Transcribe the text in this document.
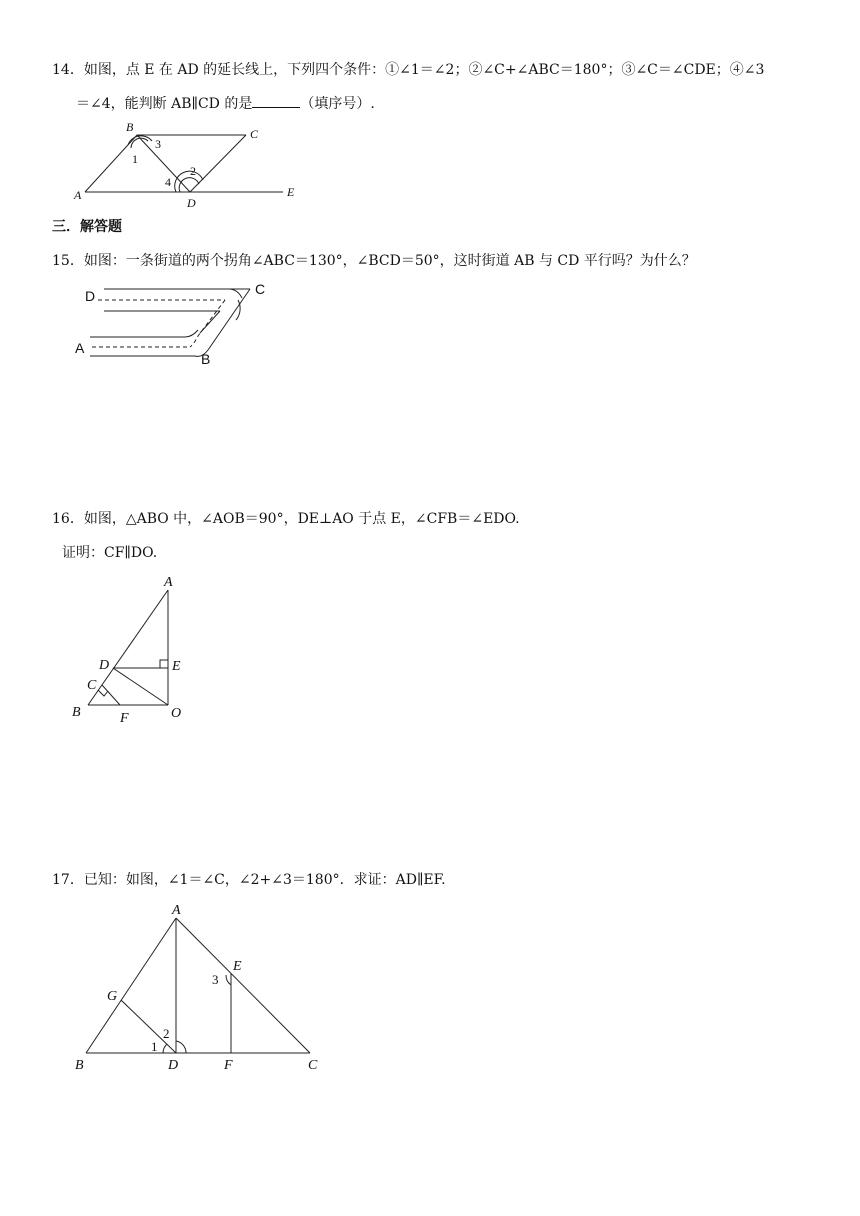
14．如图，点 E 在 AD 的延长线上，下列四个条件：①∠1＝∠2；②∠C+∠ABC＝180°；③∠C＝∠CDE；④∠3
＝∠4，能判断 AB∥CD 的是	（填序号）.
B	C
A
D
E
3
1
2
4
三．解答题
15．如图：一条街道的两个拐角∠ABC＝130°，∠BCD＝50°，这时街道 AB 与 CD 平行吗？为什么？
D	C
A
B
16．如图，△ABO 中，∠AOB＝90°，DE⊥AO 于点 E，∠CFB＝∠EDO.
证明：CF∥DO.
A
D	E
C
B	F	O
17．已知：如图，∠1＝∠C，∠2+∠3＝180°．求证：AD∥EF.
A
E
G
B	D	F	C
3
2
1
